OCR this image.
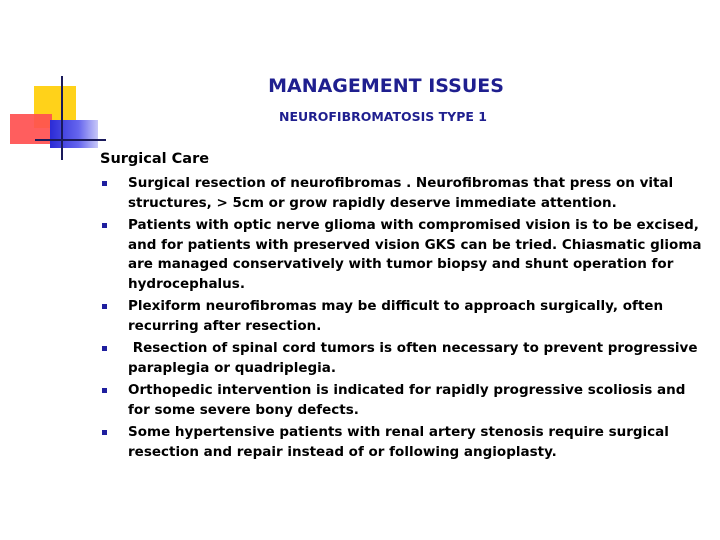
MANAGEMENT ISSUES
NEUROFIBROMATOSIS TYPE 1
Surgical Care
Surgical resection of neurofibromas . Neurofibromas that press on vital structures, > 5cm or grow rapidly deserve immediate attention.
Patients with optic nerve glioma with compromised vision is to be excised, and for patients with preserved vision GKS can be tried. Chiasmatic glioma are managed conservatively with tumor biopsy and shunt operation for hydrocephalus.
Plexiform neurofibromas may be difficult to approach surgically, often recurring after resection.
Resection of spinal cord tumors is often necessary to prevent progressive paraplegia or quadriplegia.
Orthopedic intervention is indicated for rapidly progressive scoliosis and for some severe bony defects.
Some hypertensive patients with renal artery stenosis require surgical resection and repair instead of or following angioplasty.
